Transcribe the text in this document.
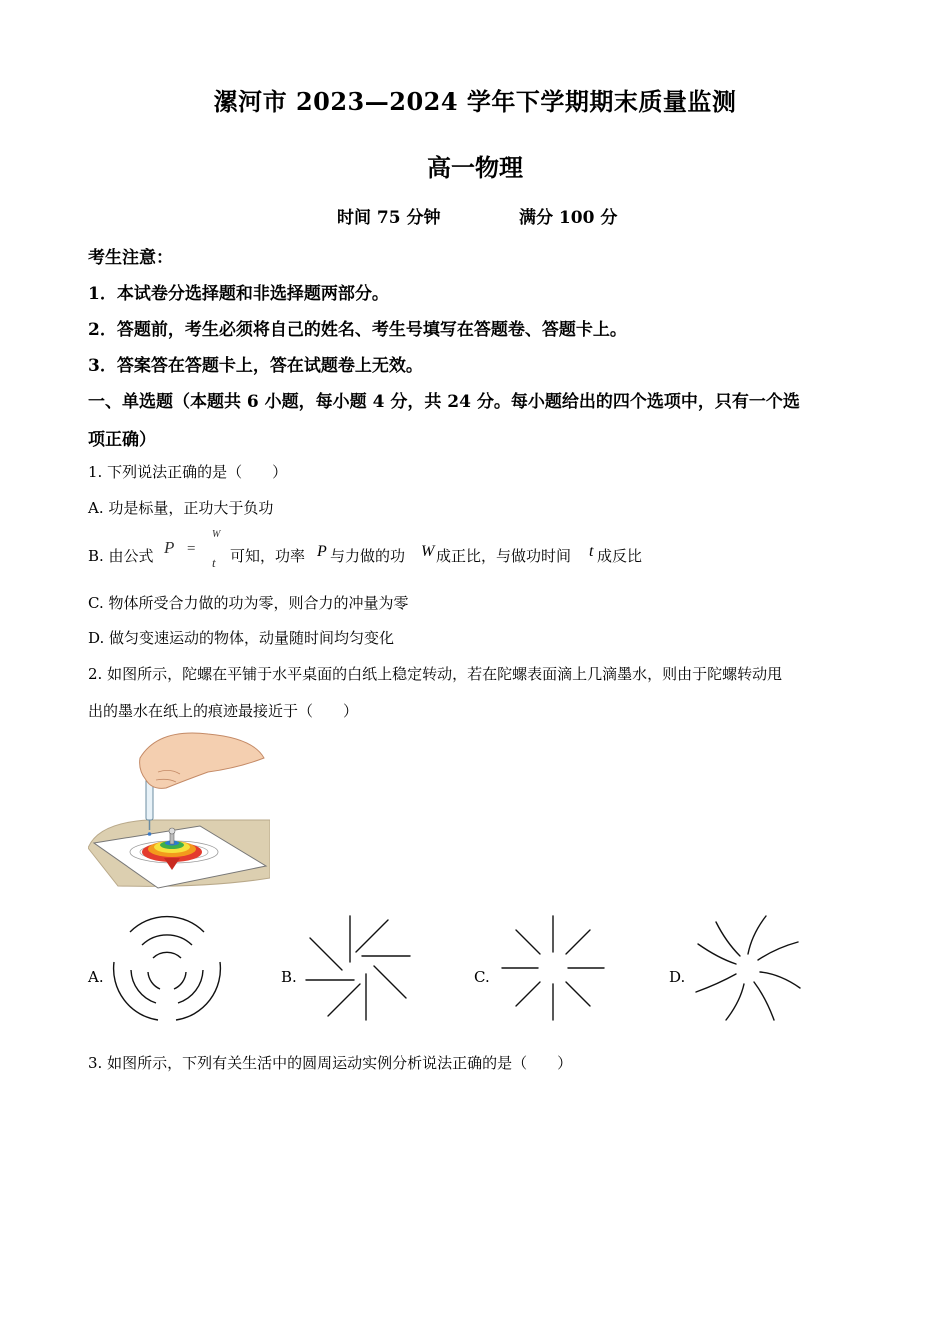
漯河市 2023—2024 学年下学期期末质量监测
高一物理
时间 75 分钟	满分 100 分
考生注意：
1．本试卷分选择题和非选择题两部分。
2．答题前，考生必须将自己的姓名、考生号填写在答题卷、答题卡上。
3．答案答在答题卡上，答在试题卷上无效。
一、单选题（本题共 6 小题，每小题 4 分，共 24 分。每小题给出的四个选项中，只有一个选
项正确）
1. 下列说法正确的是（　　）
A. 功是标量，正功大于负功
B. 由公式 P =
W
t 可知，功率 P 与力做的功 W 成正比，与做功时间 t 成反比
C. 物体所受合力做的功为零，则合力的冲量为零
D. 做匀变速运动的物体，动量随时间均匀变化
2. 如图所示，陀螺在平铺于水平桌面的白纸上稳定转动，若在陀螺表面滴上几滴墨水，则由于陀螺转动甩
出的墨水在纸上的痕迹最接近于（　　）
A.	B.	C.	D.
3. 如图所示，下列有关生活中的圆周运动实例分析说法正确的是（　　）
